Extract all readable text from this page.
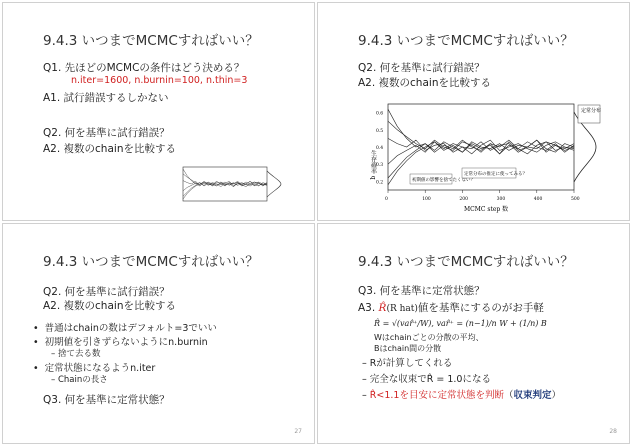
9.4.3 いつまでMCMCすればいい？
Q1. 先ほどのMCMCの条件はどう決める？
n.iter=1600, n.burnin=100, n.thin=3
A1. 試行錯誤するしかない
Q2. 何を基準に試行錯誤？
A2. 複数のchainを比較する
9.4.3 いつまでMCMCすればいい？
Q2. 何を基準に試行錯誤？
A2. 複数のchainを比較する
生存確率 q
0.6
0.5
0.4
0.3
0.2
0	100	200	300	400	500
定常分布
初期値の影響を捨てたくない？
定常分布の推定に使ってみる？
MCMC step 数
9.4.3 いつまでMCMCすればいい？
Q2. 何を基準に試行錯誤？
A2. 複数のchainを比較する
•  普通はchainの数はデフォルト=3でいい
•  初期値を引きずらないようにn.burnin
– 捨て去る数
•  定常状態になるようn.iter
– Chainの長さ
Q3. 何を基準に定常状態？
27
9.4.3 いつまでMCMCすればいい？
Q3. 何を基準に定常状態？
A3. R̂(R hat)値を基準にするのがお手軽
R̂ = √(var̂⁺/W), var̂⁺ = (n−1)/n W + (1/n) B
Wはchainごとの分散の平均、
Bはchain間の分散
– Rが計算してくれる
– 完全な収束でR̂ = 1.0になる
– R̂<1.1を目安に定常状態を判断（収束判定）
28
